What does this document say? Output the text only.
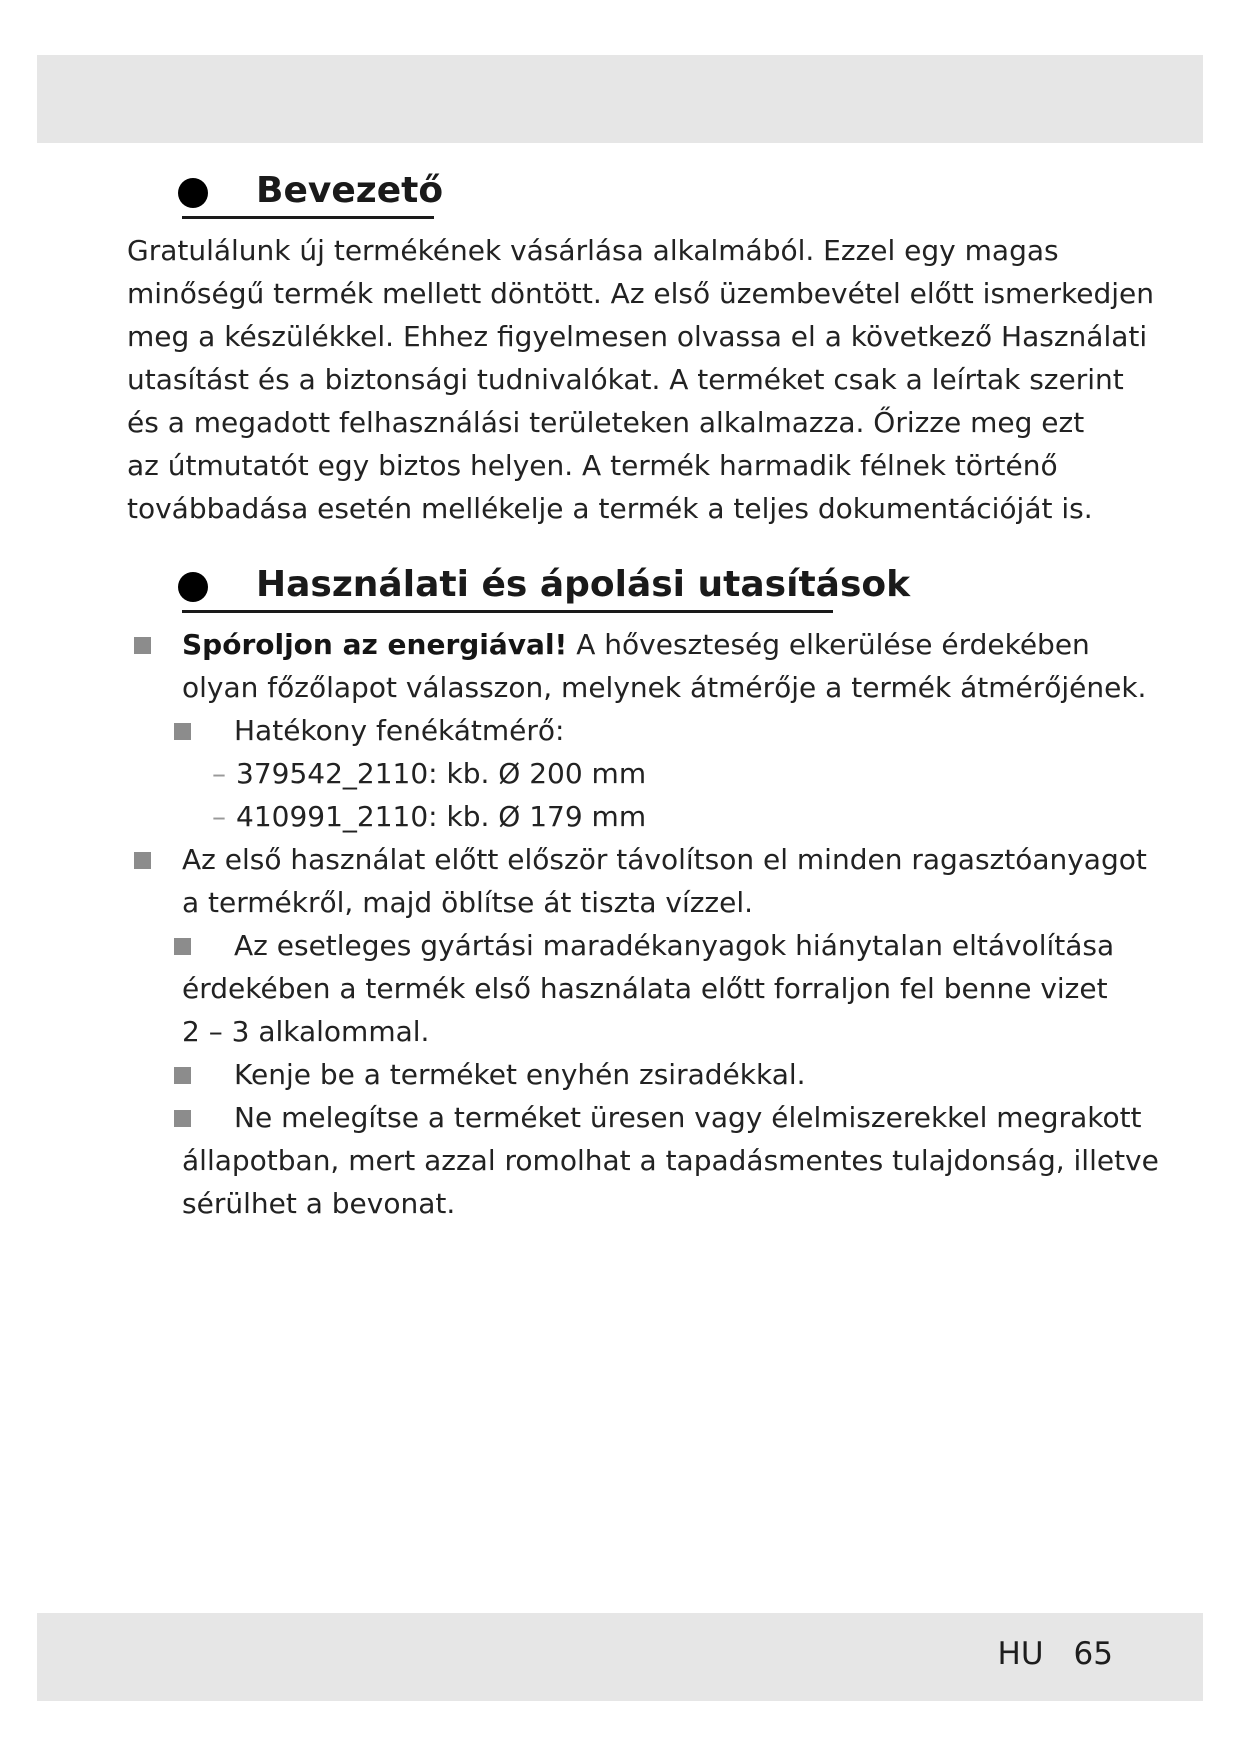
Bevezető
Gratulálunk új termékének vásárlása alkalmából. Ezzel egy magas
minőségű termék mellett döntött. Az első üzembevétel előtt ismerkedjen
meg a készülékkel. Ehhez figyelmesen olvassa el a következő Használati
utasítást és a biztonsági tudnivalókat. A terméket csak a leírtak szerint
és a megadott felhasználási területeken alkalmazza. Őrizze meg ezt
az útmutatót egy biztos helyen. A termék harmadik félnek történő
továbbadása esetén mellékelje a termék a teljes dokumentációját is.
Használati és ápolási utasítások
Spóroljon az energiával! A hőveszteség elkerülése érdekében
olyan főzőlapot válasszon, melynek átmérője a termék átmérőjének.
Hatékony fenékátmérő:
– 379542_2110: kb. Ø 200 mm
– 410991_2110: kb. Ø 179 mm
Az első használat előtt először távolítson el minden ragasztóanyagot
a termékről, majd öblítse át tiszta vízzel.
Az esetleges gyártási maradékanyagok hiánytalan eltávolítása
érdekében a termék első használata előtt forraljon fel benne vizet
2 – 3 alkalommal.
Kenje be a terméket enyhén zsiradékkal.
Ne melegítse a terméket üresen vagy élelmiszerekkel megrakott
állapotban, mert azzal romolhat a tapadásmentes tulajdonság, illetve
sérülhet a bevonat.
HU 65
